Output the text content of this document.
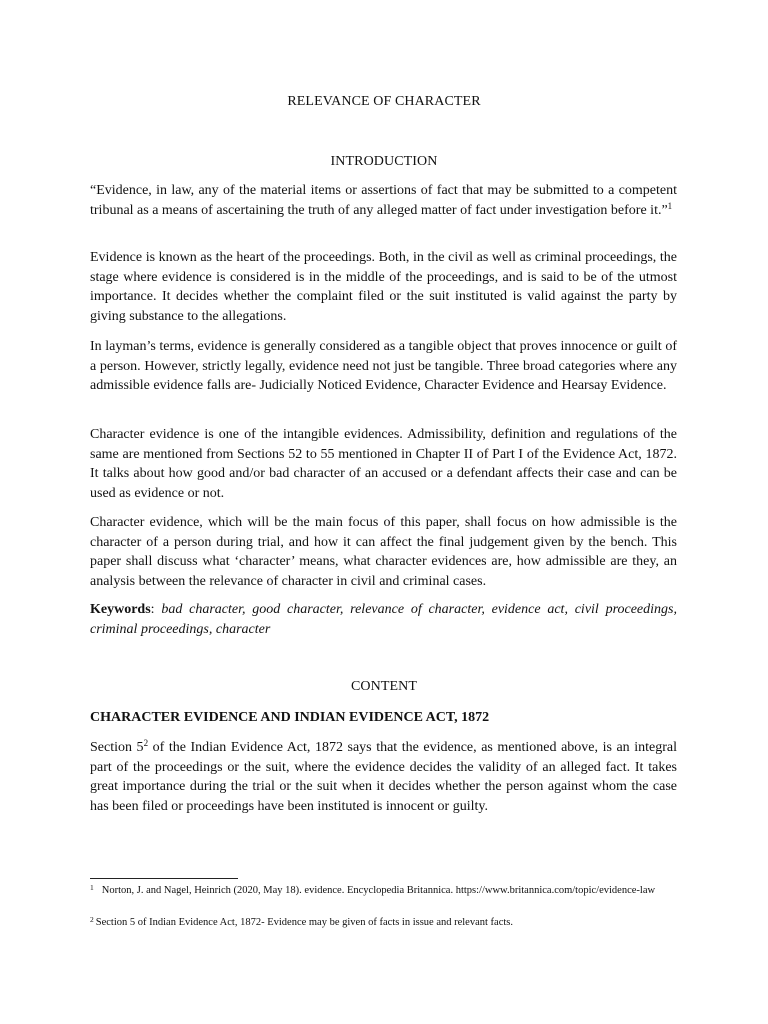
RELEVANCE OF CHARACTER
INTRODUCTION
“Evidence, in law, any of the material items or assertions of fact that may be submitted to a competent tribunal as a means of ascertaining the truth of any alleged matter of fact under investigation before it.”$^1$
Evidence is known as the heart of the proceedings. Both, in the civil as well as criminal proceedings, the stage where evidence is considered is in the middle of the proceedings, and is said to be of the utmost importance. It decides whether the complaint filed or the suit instituted is valid against the party by giving substance to the allegations.
In layman’s terms, evidence is generally considered as a tangible object that proves innocence or guilt of a person. However, strictly legally, evidence need not just be tangible. Three broad categories where any admissible evidence falls are- Judicially Noticed Evidence, Character Evidence and Hearsay Evidence.
Character evidence is one of the intangible evidences. Admissibility, definition and regulations of the same are mentioned from Sections 52 to 55 mentioned in Chapter II of Part I of the Evidence Act, 1872. It talks about how good and/or bad character of an accused or a defendant affects their case and can be used as evidence or not.
Character evidence, which will be the main focus of this paper, shall focus on how admissible is the character of a person during trial, and how it can affect the final judgement given by the bench. This paper shall discuss what ‘character’ means, what character evidences are, how admissible are they, an analysis between the relevance of character in civil and criminal cases.
Keywords: bad character, good character, relevance of character, evidence act, civil proceedings, criminal proceedings, character
CONTENT
CHARACTER EVIDENCE AND INDIAN EVIDENCE ACT, 1872
Section $5^2$ of the Indian Evidence Act, 1872 says that the evidence, as mentioned above, is an integral part of the proceedings or the suit, where the evidence decides the validity of an alleged fact. It takes great importance during the trial or the suit when it decides whether the person against whom the case has been filed or proceedings have been instituted is innocent or guilty.
$^1$ Norton, J. and Nagel, Heinrich (2020, May 18). evidence. Encyclopedia Britannica. https://www.britannica.com/topic/evidence-law
$^2$ Section 5 of Indian Evidence Act, 1872- Evidence may be given of facts in issue and relevant facts.
